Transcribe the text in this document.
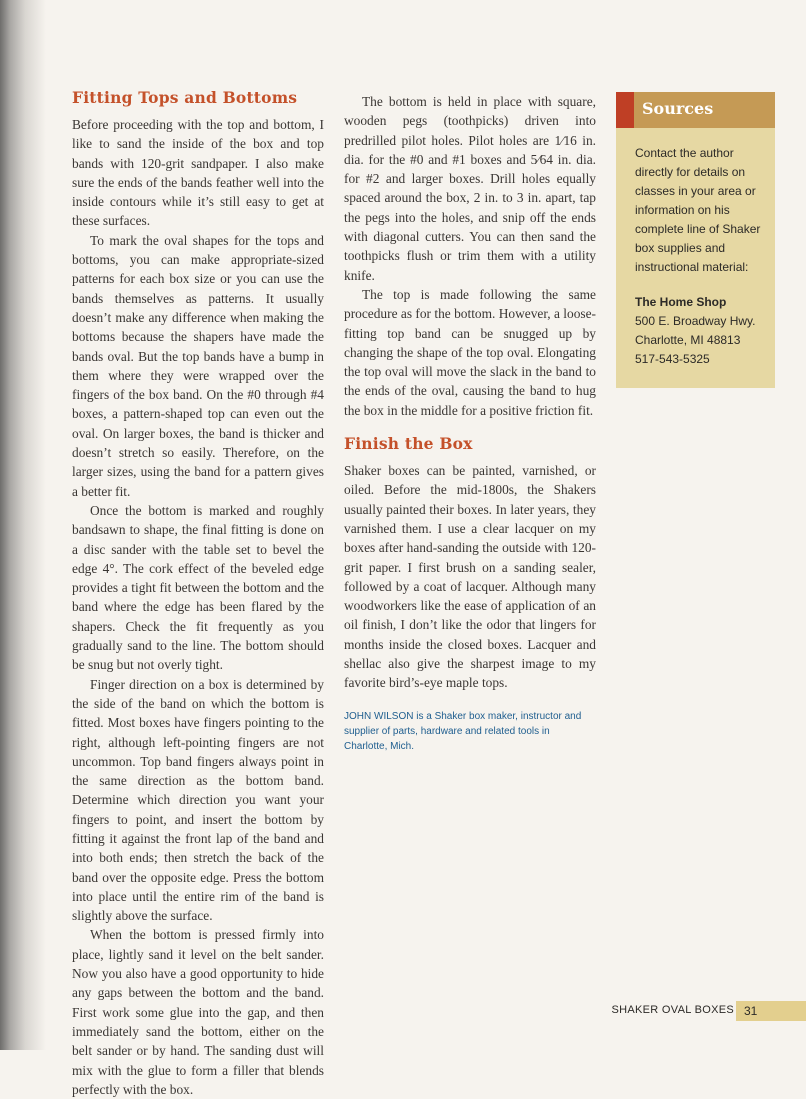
Fitting Tops and Bottoms

Before proceeding with the top and bottom, I like to sand the inside of the box and top bands with 120-grit sandpaper. I also make sure the ends of the bands feather well into the inside contours while it’s still easy to get at these surfaces.

To mark the oval shapes for the tops and bottoms, you can make appropriate-sized patterns for each box size or you can use the bands themselves as patterns. It usually doesn’t make any difference when making the bottoms because the shapers have made the bands oval. But the top bands have a bump in them where they were wrapped over the fingers of the box band. On the #0 through #4 boxes, a pattern-shaped top can even out the oval. On larger boxes, the band is thicker and doesn’t stretch so easily. Therefore, on the larger sizes, using the band for a pattern gives a better fit.

Once the bottom is marked and roughly bandsawn to shape, the final fitting is done on a disc sander with the table set to bevel the edge 4°. The cork effect of the beveled edge provides a tight fit between the bottom and the band where the edge has been flared by the shapers. Check the fit frequently as you gradually sand to the line. The bottom should be snug but not overly tight.

Finger direction on a box is determined by the side of the band on which the bottom is fitted. Most boxes have fingers pointing to the right, although left-pointing fingers are not uncommon. Top band fingers always point in the same direction as the bottom band. Determine which direction you want your fingers to point, and insert the bottom by fitting it against the front lap of the band and into both ends; then stretch the back of the band over the opposite edge. Press the bottom into place until the entire rim of the band is slightly above the surface.

When the bottom is pressed firmly into place, lightly sand it level on the belt sander. Now you also have a good opportunity to hide any gaps between the bottom and the band. First work some glue into the gap, and then immediately sand the bottom, either on the belt sander or by hand. The sanding dust will mix with the glue to form a filler that blends perfectly with the box.

The bottom is held in place with square, wooden pegs (toothpicks) driven into predrilled pilot holes. Pilot holes are 1⁄16 in. dia. for the #0 and #1 boxes and 5⁄64 in. dia. for #2 and larger boxes. Drill holes equally spaced around the box, 2 in. to 3 in. apart, tap the pegs into the holes, and snip off the ends with diagonal cutters. You can then sand the toothpicks flush or trim them with a utility knife.

The top is made following the same procedure as for the bottom. However, a loose-fitting top band can be snugged up by changing the shape of the top oval. Elongating the top oval will move the slack in the band to the ends of the oval, causing the band to hug the box in the middle for a positive friction fit.

Finish the Box

Shaker boxes can be painted, varnished, or oiled. Before the mid-1800s, the Shakers usually painted their boxes. In later years, they varnished them. I use a clear lacquer on my boxes after hand-sanding the outside with 120-grit paper. I first brush on a sanding sealer, followed by a coat of lacquer. Although many woodworkers like the ease of application of an oil finish, I don’t like the odor that lingers for months inside the closed boxes. Lacquer and shellac also give the sharpest image to my favorite bird’s-eye maple tops.

JOHN WILSON is a Shaker box maker, instructor and supplier of parts, hardware and related tools in Charlotte, Mich.
Sources
Contact the author directly for details on classes in your area or information on his complete line of Shaker box supplies and instructional material:
The Home Shop
500 E. Broadway Hwy.
Charlotte, MI 48813
517-543-5325
SHAKER OVAL BOXES 31
